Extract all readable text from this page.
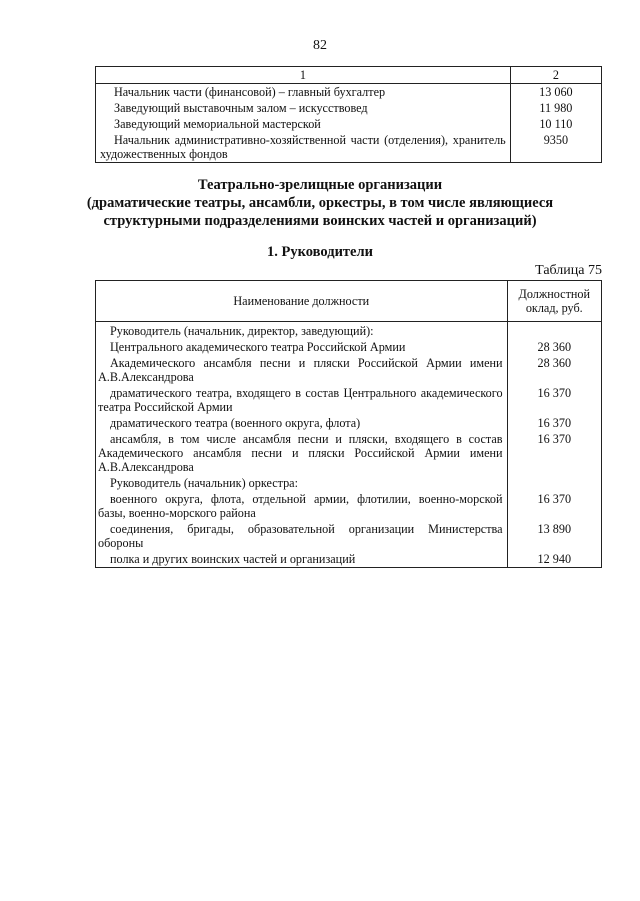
82
1	2
Начальник части (финансовой) – главный бухгалтер	13 060
Заведующий выставочным залом – искусствовед	11 980
Заведующий мемориальной мастерской	10 110
Начальник административно-хозяйственной части (отделения), хранитель художественных фондов	9350
Театрально-зрелищные организации
(драматические театры, ансамбли, оркестры, в том числе являющиеся
структурными подразделениями воинских частей и организаций)
1. Руководители
Таблица 75
Наименование должности	Должностной
оклад, руб.

Руководитель (начальник, директор, заведующий):	
Центрального академического театра Российской Армии	28 360
Академического ансамбля песни и пляски Российской Армии имени А.В.Александрова	28 360
драматического театра, входящего в состав Центрального академического театра Российской Армии	16 370
драматического театра (военного округа, флота)	16 370
ансамбля, в том числе ансамбля песни и пляски, входящего в состав Академического ансамбля песни и пляски Российской Армии имени А.В.Александрова	16 370
Руководитель (начальник) оркестра:	
военного округа, флота, отдельной армии, флотилии, военно-морской базы, военно-морского района	16 370
соединения, бригады, образовательной организации Министерства обороны	13 890
полка и других воинских частей и организаций	12 940
